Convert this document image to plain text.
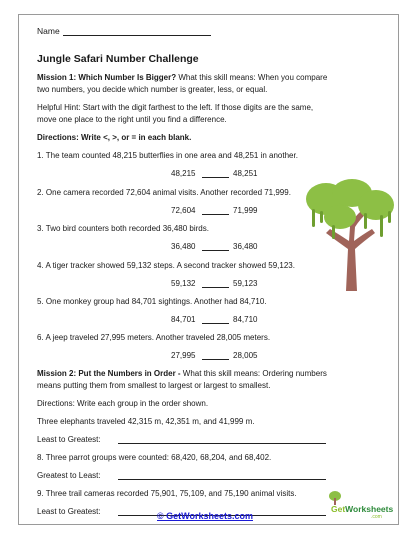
Name
Jungle Safari Number Challenge
Mission 1: Which Number Is Bigger? What this skill means: When you compare
two numbers, you decide which number is greater, less, or equal.
Helpful Hint: Start with the digit farthest to the left. If those digits are the same,
move one place to the right until you find a difference.
Directions: Write <, >, or = in each blank.
1. The team counted 48,215 butterflies in one area and 48,251 in another.
48,215	48,251
2. One camera recorded 72,604 animal visits. Another recorded 71,999.
72,604	71,999
3. Two bird counters both recorded 36,480 birds.
36,480	36,480
4. A tiger tracker showed 59,132 steps. A second tracker showed 59,123.
59,132	59,123
5. One monkey group had 84,701 sightings. Another had 84,710.
84,701	84,710
6. A jeep traveled 27,995 meters. Another traveled 28,005 meters.
27,995	28,005
Mission 2: Put the Numbers in Order - What this skill means: Ordering numbers
means putting them from smallest to largest or largest to smallest.
Directions: Write each group in the order shown.
Three elephants traveled 42,315 m, 42,351 m, and 41,999 m.
Least to Greatest:
8. Three parrot groups were counted: 68,420, 68,204, and 68,402.
Greatest to Least:
9. Three trail cameras recorded 75,901, 75,109, and 75,190 animal visits.
Least to Greatest:	© GetWorksheets.com
GetWorksheets
.com
